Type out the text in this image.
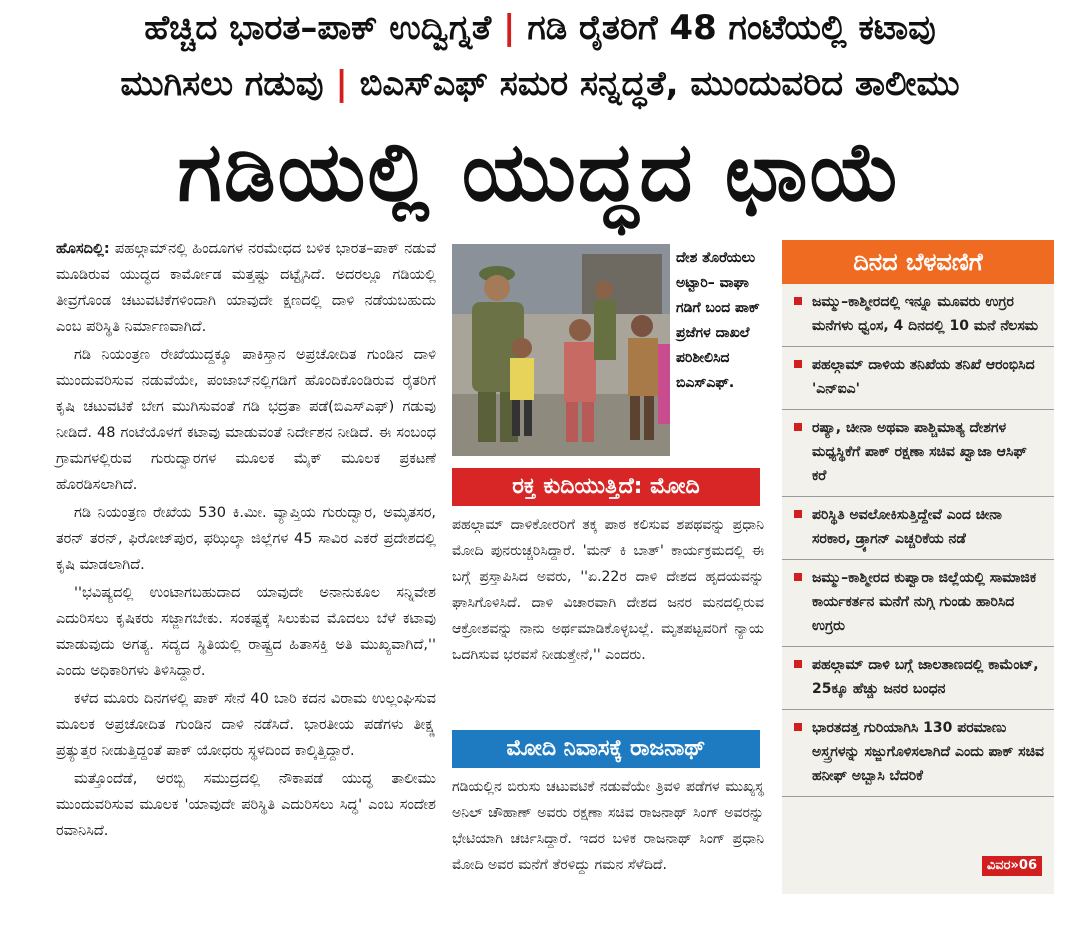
ಹೆಚ್ಚಿದ ಭಾರತ–ಪಾಕ್ ಉದ್ವಿಗ್ನತೆ | ಗಡಿ ರೈತರಿಗೆ 48 ಗಂಟೆಯಲ್ಲಿ ಕಟಾವು
ಮುಗಿಸಲು ಗಡುವು | ಬಿಎಸ್ಎಫ್ ಸಮರ ಸನ್ನದ್ಧತೆ, ಮುಂದುವರಿದ ತಾಲೀಮು
ಗಡಿಯಲ್ಲಿ ಯುದ್ಧದ ಛಾಯೆ

ಹೊಸದಿಲ್ಲಿ: ಪಹಲ್ಗಾಮ್‌ನಲ್ಲಿ ಹಿಂದೂಗಳ ನರಮೇಧದ ಬಳಿಕ ಭಾರತ–ಪಾಕ್ ನಡುವೆ ಮೂಡಿರುವ ಯುದ್ಧದ ಕಾರ್ಮೋಡ ಮತ್ತಷ್ಟು ದಟ್ಟೈಸಿದೆ. ಅದರಲ್ಲೂ ಗಡಿಯಲ್ಲಿ ತೀವ್ರಗೊಂಡ ಚಟುವಟಿಕೆಗಳಿಂದಾಗಿ ಯಾವುದೇ ಕ್ಷಣದಲ್ಲಿ ದಾಳಿ ನಡೆಯಬಹುದು ಎಂಬ ಪರಿಸ್ಥಿತಿ ನಿರ್ಮಾಣವಾಗಿದೆ.

ಗಡಿ ನಿಯಂತ್ರಣ ರೇಖೆಯುದ್ದಕ್ಕೂ ಪಾಕಿಸ್ತಾನ ಅಪ್ರಚೋದಿತ ಗುಂಡಿನ ದಾಳಿ ಮುಂದುವರಿಸುವ ನಡುವೆಯೇ, ಪಂಜಾಬ್‌ನಲ್ಲಿಗಡಿಗೆ ಹೊಂದಿಕೊಂಡಿರುವ ರೈತರಿಗೆ ಕೃಷಿ ಚಟುವಟಿಕೆ ಬೇಗ ಮುಗಿಸುವಂತೆ ಗಡಿ ಭದ್ರತಾ ಪಡೆ(ಬಿಎಸ್ಎಫ್) ಗಡುವು ನೀಡಿದೆ. 48 ಗಂಟೆಯೊಳಗೆ ಕಟಾವು ಮಾಡುವಂತೆ ನಿರ್ದೇಶನ ನೀಡಿದೆ. ಈ ಸಂಬಂಧ ಗ್ರಾಮಗಳಲ್ಲಿರುವ ಗುರುದ್ವಾರಗಳ ಮೂಲಕ ಮೈಕ್ ಮೂಲಕ ಪ್ರಕಟಣೆ ಹೊರಡಿಸಲಾಗಿದೆ.

ಗಡಿ ನಿಯಂತ್ರಣ ರೇಖೆಯ 530 ಕಿ.ಮೀ. ವ್ಯಾಪ್ತಿಯ ಗುರುದ್ವಾರ, ಅಮೃತಸರ, ತರನ್ ತರನ್, ಫಿರೋಜ್‌ಪುರ, ಫಝಿಲ್ಕಾ ಜಿಲ್ಲೆಗಳ 45 ಸಾವಿರ ಎಕರೆ ಪ್ರದೇಶದಲ್ಲಿ ಕೃಷಿ ಮಾಡಲಾಗಿದೆ.

''ಭವಿಷ್ಯದಲ್ಲಿ ಉಂಟಾಗಬಹುದಾದ ಯಾವುದೇ ಅನಾನುಕೂಲ ಸನ್ನಿವೇಶ ಎದುರಿಸಲು ಕೃಷಿಕರು ಸಜ್ಜಾಗಬೇಕು. ಸಂಕಷ್ಟಕ್ಕೆ ಸಿಲುಕುವ ಮೊದಲು ಬೆಳೆ ಕಟಾವು ಮಾಡುವುದು ಅಗತ್ಯ. ಸದ್ಯದ ಸ್ಥಿತಿಯಲ್ಲಿ ರಾಷ್ಟ್ರದ ಹಿತಾಸಕ್ತಿ ಅತಿ ಮುಖ್ಯವಾಗಿದೆ,'' ಎಂದು ಅಧಿಕಾರಿಗಳು ತಿಳಿಸಿದ್ದಾರೆ.

ಕಳೆದ ಮೂರು ದಿನಗಳಲ್ಲಿ ಪಾಕ್ ಸೇನೆ 40 ಬಾರಿ ಕದನ ವಿರಾಮ ಉಲ್ಲಂಘಿಸುವ ಮೂಲಕ ಅಪ್ರಚೋದಿತ ಗುಂಡಿನ ದಾಳಿ ನಡೆಸಿದೆ. ಭಾರತೀಯ ಪಡೆಗಳು ತೀಕ್ಷ್ಣ ಪ್ರತ್ಯುತ್ತರ ನೀಡುತ್ತಿದ್ದಂತೆ ಪಾಕ್ ಯೋಧರು ಸ್ಥಳದಿಂದ ಕಾಲ್ಕಿತ್ತಿದ್ದಾರೆ.

ಮತ್ತೊಂದೆಡೆ, ಅರಬ್ಬಿ ಸಮುದ್ರದಲ್ಲಿ ನೌಕಾಪಡೆ ಯುದ್ಧ ತಾಲೀಮು ಮುಂದುವರಿಸುವ ಮೂಲಕ 'ಯಾವುದೇ ಪರಿಸ್ಥಿತಿ ಎದುರಿಸಲು ಸಿದ್ಧ' ಎಂಬ ಸಂದೇಶ ರವಾನಿಸಿದೆ.

ದೇಶ ತೊರೆಯಲು ಅಟ್ಟಾರಿ– ವಾಘಾ ಗಡಿಗೆ ಬಂದ ಪಾಕ್ ಪ್ರಜೆಗಳ ದಾಖಲೆ ಪರಿಶೀಲಿಸಿದ ಬಿಎಸ್ಎಫ್.
ರಕ್ತ ಕುದಿಯುತ್ತಿದೆ: ಮೋದಿ
ಪಹಲ್ಗಾಮ್ ದಾಳಿಕೋರರಿಗೆ ತಕ್ಕ ಪಾಠ ಕಲಿಸುವ ಶಪಥವನ್ನು ಪ್ರಧಾನಿ ಮೋದಿ ಪುನರುಚ್ಚರಿಸಿದ್ದಾರೆ. 'ಮನ್ ಕಿ ಬಾತ್' ಕಾರ್ಯಕ್ರಮದಲ್ಲಿ ಈ ಬಗ್ಗೆ ಪ್ರಸ್ತಾಪಿಸಿದ ಅವರು, ''ಏ.22ರ ದಾಳಿ ದೇಶದ ಹೃದಯವನ್ನು ಘಾಸಿಗೊಳಿಸಿದೆ. ದಾಳಿ ವಿಚಾರವಾಗಿ ದೇಶದ ಜನರ ಮನದಲ್ಲಿರುವ ಆಕ್ರೋಶವನ್ನು ನಾನು ಅರ್ಥಮಾಡಿಕೊಳ್ಳಬಲ್ಲೆ. ಮೃತಪಟ್ಟವರಿಗೆ ನ್ಯಾಯ ಒದಗಿಸುವ ಭರವಸೆ ನೀಡುತ್ತೇನೆ,'' ಎಂದರು.
ಮೋದಿ ನಿವಾಸಕ್ಕೆ ರಾಜನಾಥ್
ಗಡಿಯಲ್ಲಿನ ಬಿರುಸು ಚಟುವಟಿಕೆ ನಡುವೆಯೇ ತ್ರಿವಳಿ ಪಡೆಗಳ ಮುಖ್ಯಸ್ಥ ಅನಿಲ್ ಚೌಹಾಣ್ ಅವರು ರಕ್ಷಣಾ ಸಚಿವ ರಾಜನಾಥ್ ಸಿಂಗ್ ಅವರನ್ನು ಭೇಟಿಯಾಗಿ ಚರ್ಚಿಸಿದ್ದಾರೆ. ಇದರ ಬಳಿಕ ರಾಜನಾಥ್ ಸಿಂಗ್ ಪ್ರಧಾನಿ ಮೋದಿ ಅವರ ಮನೆಗೆ ತೆರಳಿದ್ದು ಗಮನ ಸೆಳೆದಿದೆ.
ದಿನದ ಬೆಳವಣಿಗೆ
ಜಮ್ಮು–ಕಾಶ್ಮೀರದಲ್ಲಿ ಇನ್ನೂ ಮೂವರು ಉಗ್ರರ ಮನೆಗಳು ಧ್ವಂಸ, 4 ದಿನದಲ್ಲಿ 10 ಮನೆ ನೆಲಸಮ
ಪಹಲ್ಗಾಮ್ ದಾಳಿಯ ತನಿಖೆಯ ತನಿಖೆ ಆರಂಭಿಸಿದ 'ಎನ್‌ಐಎ'
ರಷ್ಯಾ, ಚೀನಾ ಅಥವಾ ಪಾಶ್ಚಿಮಾತ್ಯ ದೇಶಗಳ ಮಧ್ಯಸ್ಥಿಕೆಗೆ ಪಾಕ್ ರಕ್ಷಣಾ ಸಚಿವ ಖ್ವಾಜಾ ಆಸಿಫ್ ಕರೆ
ಪರಿಸ್ಥಿತಿ ಅವಲೋಕಿಸುತ್ತಿದ್ದೇವೆ ಎಂದ ಚೀನಾ ಸರಕಾರ, ಡ್ರ್ಯಾಗನ್ ಎಚ್ಚರಿಕೆಯ ನಡೆ
ಜಮ್ಮು–ಕಾಶ್ಮೀರದ ಕುಪ್ವಾರಾ ಜಿಲ್ಲೆಯಲ್ಲಿ ಸಾಮಾಜಿಕ ಕಾರ್ಯಕರ್ತನ ಮನೆಗೆ ನುಗ್ಗಿ ಗುಂಡು ಹಾರಿಸಿದ ಉಗ್ರರು
ಪಹಲ್ಗಾಮ್ ದಾಳಿ ಬಗ್ಗೆ ಜಾಲತಾಣದಲ್ಲಿ ಕಾಮೆಂಟ್, 25ಕ್ಕೂ ಹೆಚ್ಚು ಜನರ ಬಂಧನ
ಭಾರತದತ್ತ ಗುರಿಯಾಗಿಸಿ 130 ಪರಮಾಣು ಅಸ್ತ್ರಗಳನ್ನು ಸಜ್ಜುಗೊಳಿಸಲಾಗಿದೆ ಎಂದು ಪಾಕ್ ಸಚಿವ ಹನೀಫ್ ಅಬ್ಬಾಸಿ ಬೆದರಿಕೆ
ವಿವರ»06
